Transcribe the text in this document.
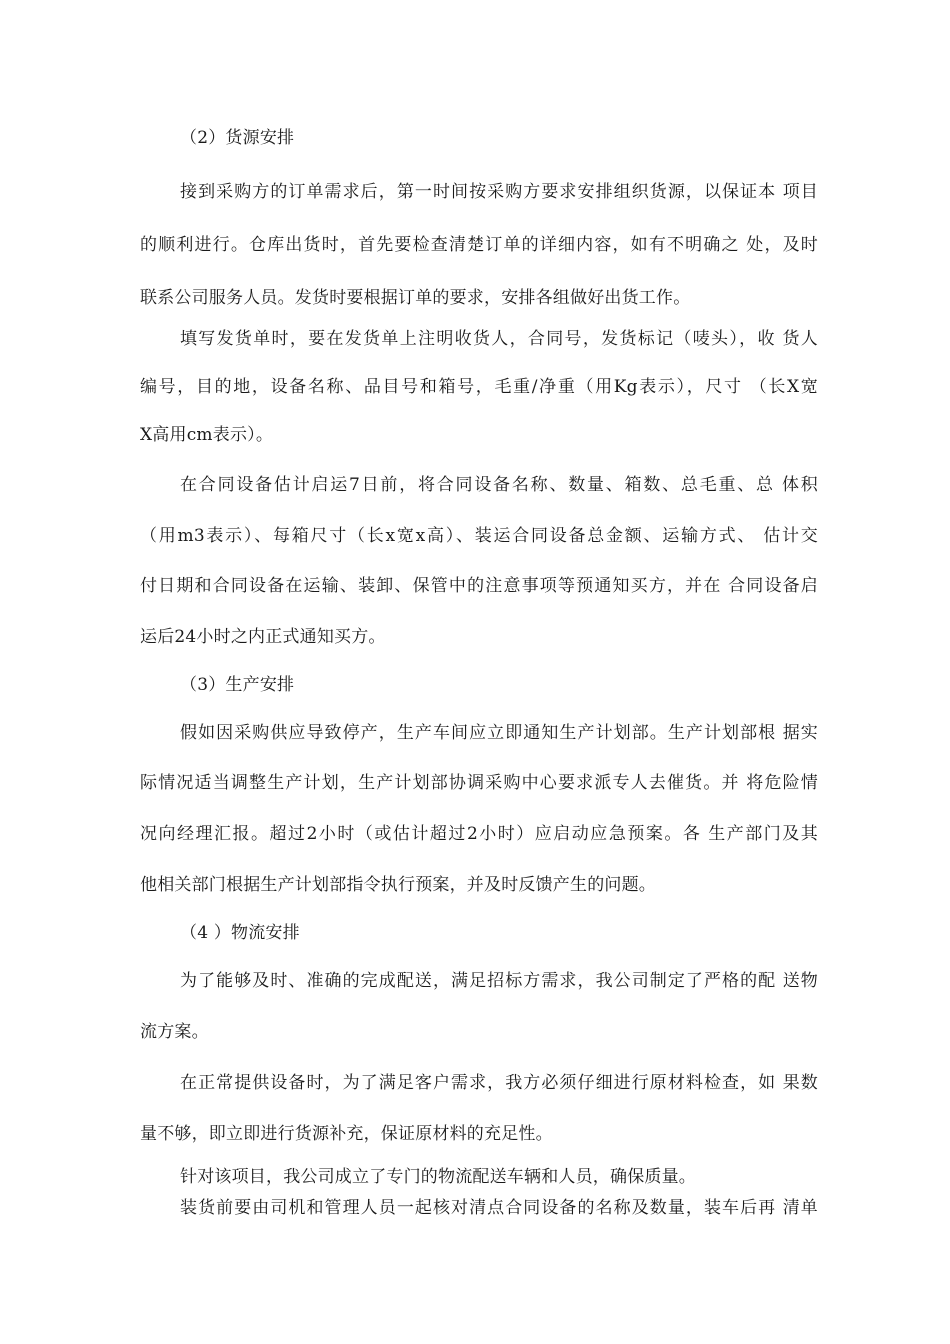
（2）货源安排
接到采购方的订单需求后，第一时间按采购方要求安排组织货源，以保证本 项目
的顺利进行。仓库出货时，首先要检查清楚订单的详细内容，如有不明确之 处，及时
联系公司服务人员。发货时要根据订单的要求，安排各组做好出货工作。
填写发货单时，要在发货单上注明收货人，合同号，发货标记（唛头），收 货人
编号，目的地，设备名称、品目号和箱号，毛重/净重（用Kg表示），尺寸 （长X宽
X高用cm表示）。
在合同设备估计启运7日前，将合同设备名称、数量、箱数、总毛重、总 体积
（用m3表示）、每箱尺寸（长x宽x高）、装运合同设备总金额、运输方式、 估计交
付日期和合同设备在运输、装卸、保管中的注意事项等预通知买方，并在 合同设备启
运后24小时之内正式通知买方。
（3）生产安排
假如因采购供应导致停产，生产车间应立即通知生产计划部。生产计划部根 据实
际情况适当调整生产计划，生产计划部协调采购中心要求派专人去催货。并 将危险情
况向经理汇报。超过2小时（或估计超过2小时）应启动应急预案。各 生产部门及其
他相关部门根据生产计划部指令执行预案，并及时反馈产生的问题。
（4 ）物流安排
为了能够及时、准确的完成配送，满足招标方需求，我公司制定了严格的配 送物
流方案。
在正常提供设备时，为了满足客户需求，我方必须仔细进行原材料检查，如 果数
量不够，即立即进行货源补充，保证原材料的充足性。
针对该项目，我公司成立了专门的物流配送车辆和人员，确保质量。
装货前要由司机和管理人员一起核对清点合同设备的名称及数量，装车后再 清单
